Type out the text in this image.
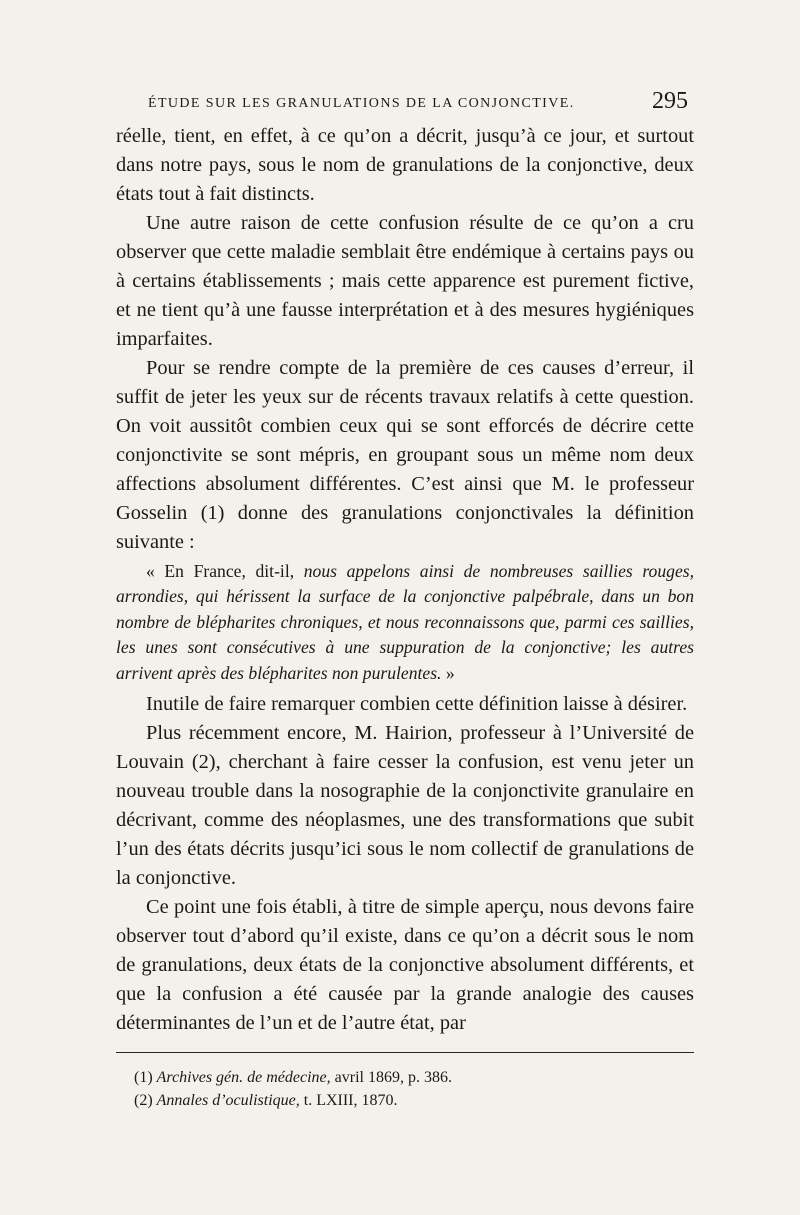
ÉTUDE SUR LES GRANULATIONS DE LA CONJONCTIVE.	295

réelle, tient, en effet, à ce qu’on a décrit, jusqu’à ce jour, et surtout dans notre pays, sous le nom de granulations de la conjonctive, deux états tout à fait distincts.

Une autre raison de cette confusion résulte de ce qu’on a cru observer que cette maladie semblait être endémique à certains pays ou à certains établissements ; mais cette apparence est purement fictive, et ne tient qu’à une fausse interprétation et à des mesures hygiéniques imparfaites.

Pour se rendre compte de la première de ces causes d’erreur, il suffit de jeter les yeux sur de récents travaux relatifs à cette question. On voit aussitôt combien ceux qui se sont efforcés de décrire cette conjonctivite se sont mépris, en groupant sous un même nom deux affections absolument différentes. C’est ainsi que M. le professeur Gosselin (1) donne des granulations conjonctivales la définition suivante :

« En France, dit-il, nous appelons ainsi de nombreuses saillies rouges, arrondies, qui hérissent la surface de la conjonctive palpébrale, dans un bon nombre de blépharites chroniques, et nous reconnaissons que, parmi ces saillies, les unes sont consécutives à une suppuration de la conjonctive; les autres arrivent après des blépharites non purulentes. »

Inutile de faire remarquer combien cette définition laisse à désirer.

Plus récemment encore, M. Hairion, professeur à l’Université de Louvain (2), cherchant à faire cesser la confusion, est venu jeter un nouveau trouble dans la nosographie de la conjonctivite granulaire en décrivant, comme des néoplasmes, une des transformations que subit l’un des états décrits jusqu’ici sous le nom collectif de granulations de la conjonctive.

Ce point une fois établi, à titre de simple aperçu, nous devons faire observer tout d’abord qu’il existe, dans ce qu’on a décrit sous le nom de granulations, deux états de la conjonctive absolument différents, et que la confusion a été causée par la grande analogie des causes déterminantes de l’un et de l’autre état, par

(1) Archives gén. de médecine, avril 1869, p. 386.
(2) Annales d’oculistique, t. LXIII, 1870.
